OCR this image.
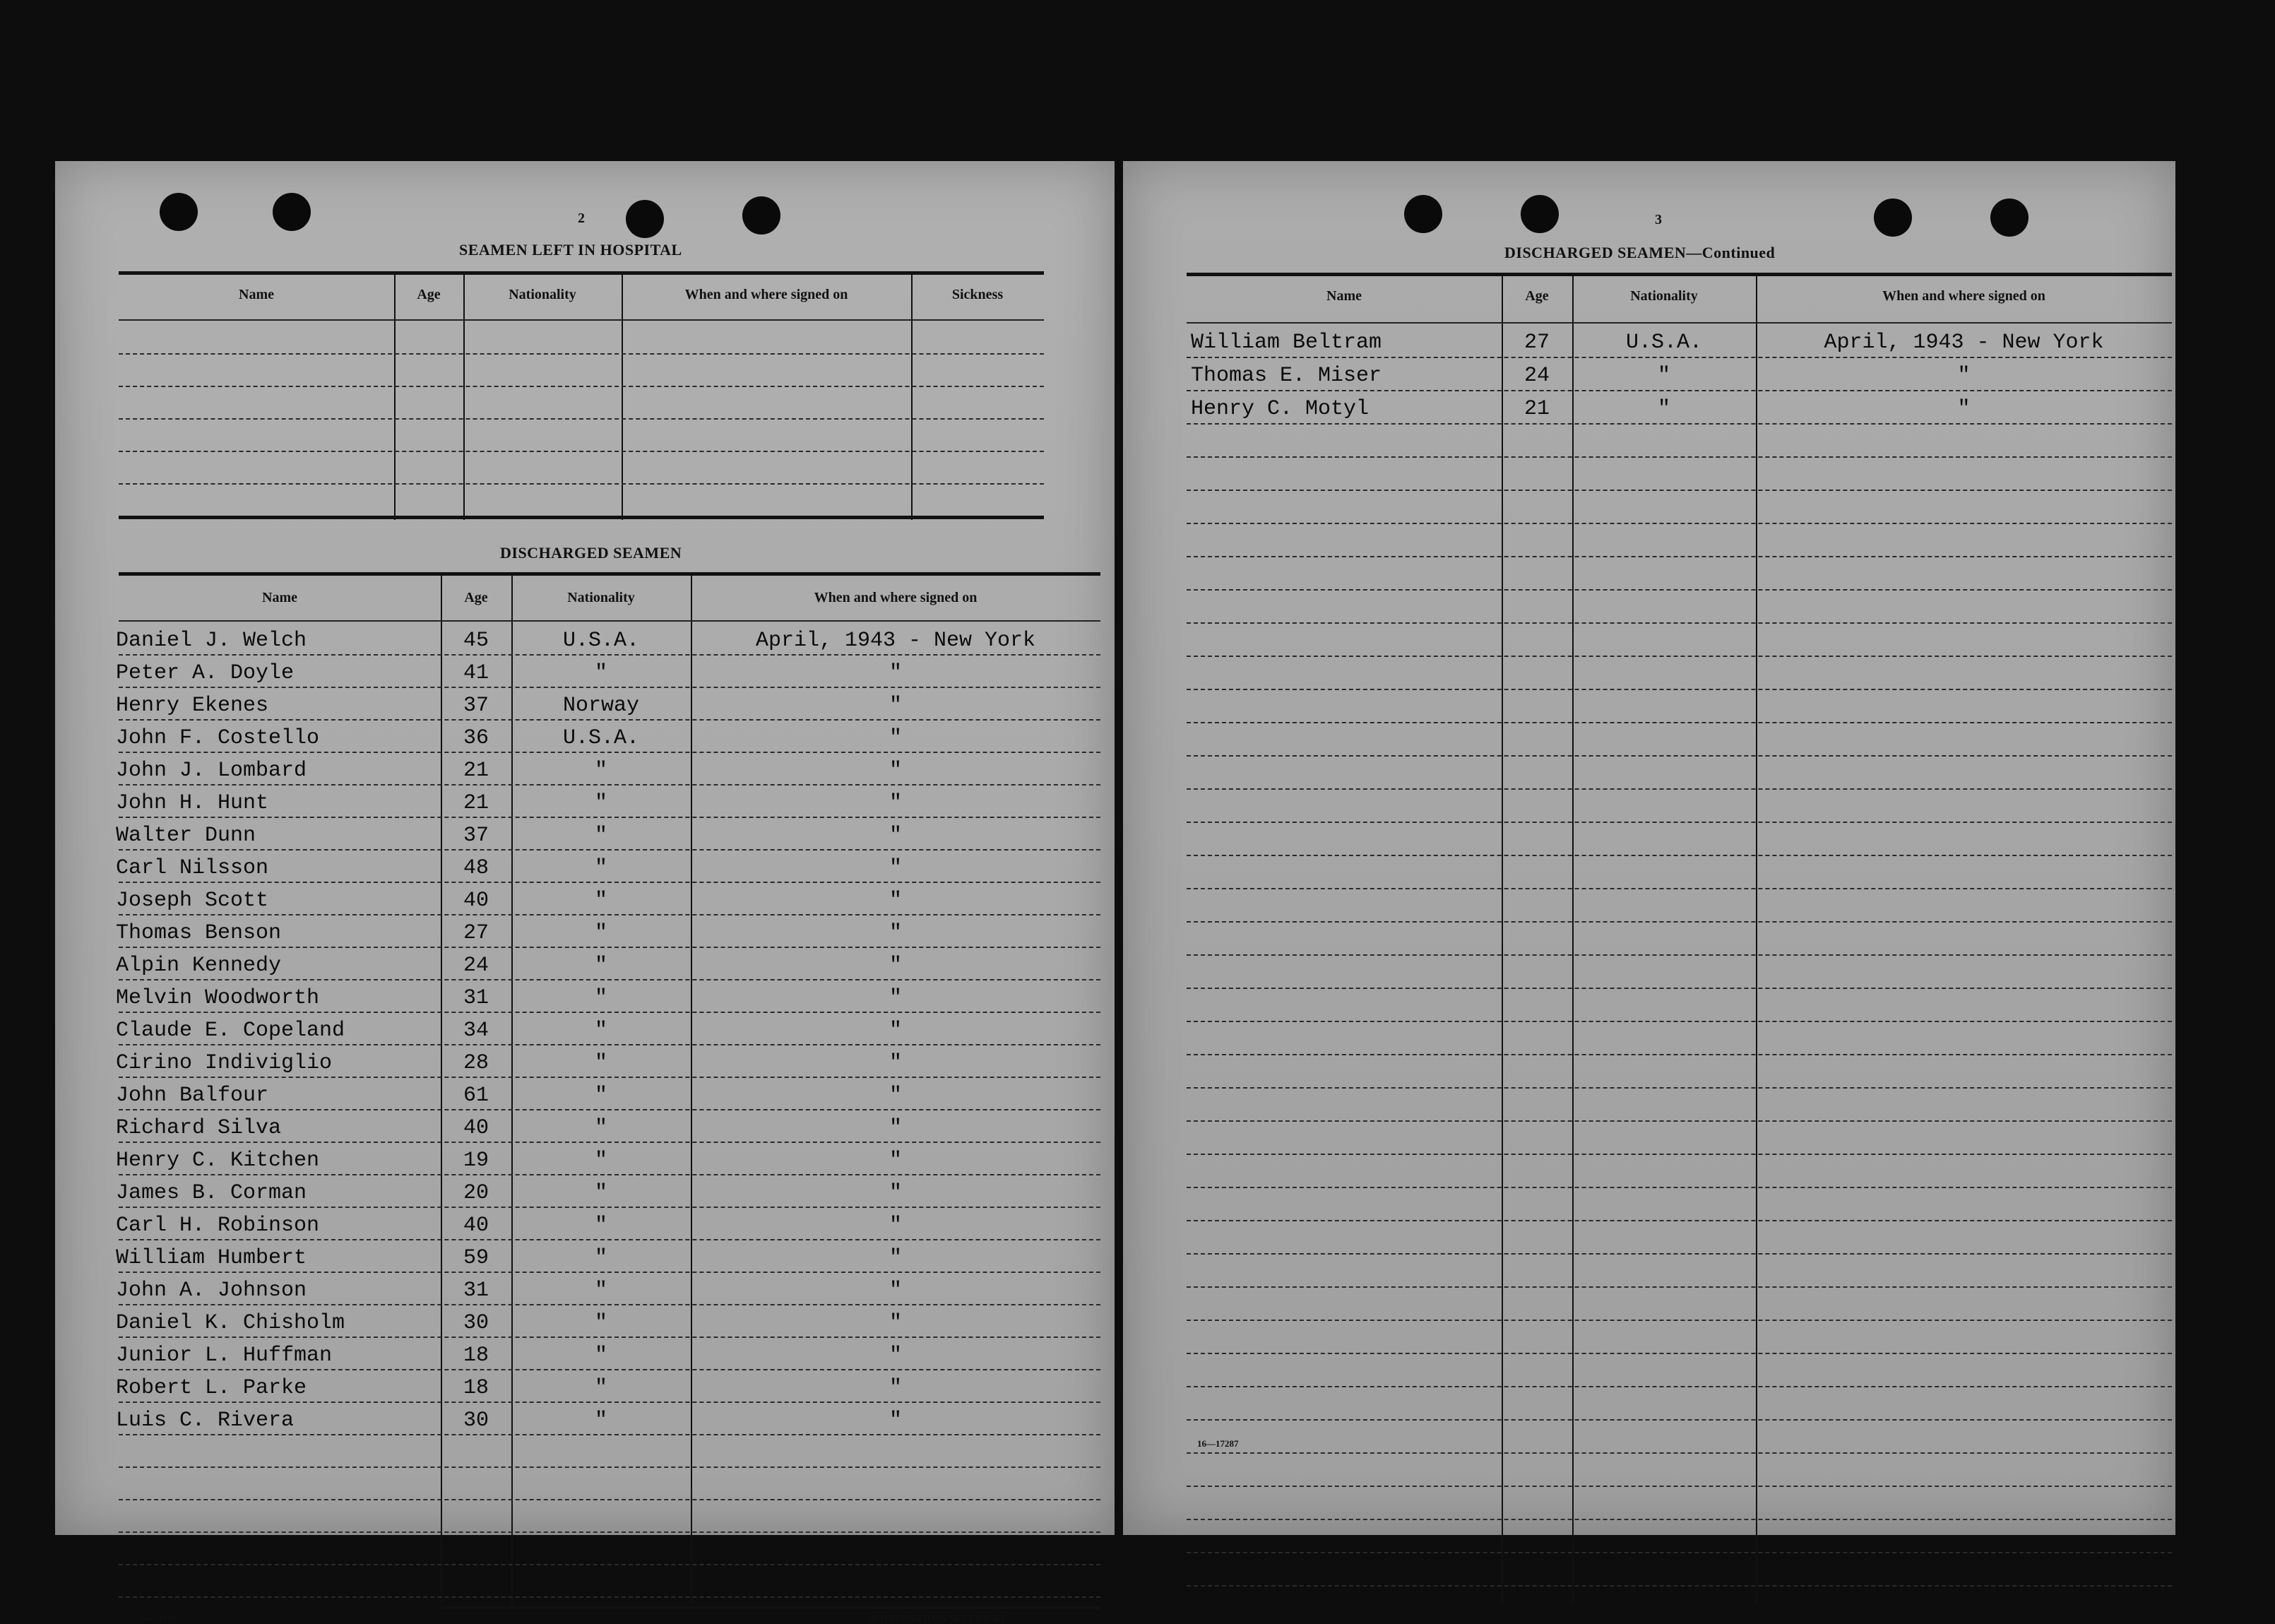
2
SEAMEN LEFT IN HOSPITAL
Name	Age	Nationality	When and where signed on	Sickness
DISCHARGED SEAMEN
Name	Age	Nationality	When and where signed on
Daniel J. Welch	45	U.S.A.	April, 1943 - New York
Peter A. Doyle	41	"	"
Henry Ekenes	37	Norway	"
John F. Costello	36	U.S.A.	"
John J. Lombard	21	"	"
John H. Hunt	21	"	"
Walter Dunn	37	"	"
Carl Nilsson	48	"	"
Joseph Scott	40	"	"
Thomas Benson	27	"	"
Alpin Kennedy	24	"	"
Melvin Woodworth	31	"	"
Claude E. Copeland	34	"	"
Cirino Indiviglio	28	"	"
John Balfour	61	"	"
Richard Silva	40	"	"
Henry C. Kitchen	19	"	"
James B. Corman	20	"	"
Carl H. Robinson	40	"	"
William Humbert	59	"	"
John A. Johnson	31	"	"
Daniel K. Chisholm	30	"	"
Junior L. Huffman	18	"	"
Robert L. Parke	18	"	"
Luis C. Rivera	30	"	"
16—17287	[CONTINUED ON NEXT PAGE]
3
DISCHARGED SEAMEN—Continued
Name	Age	Nationality	When and where signed on
William Beltram	27	U.S.A.	April, 1943 - New York
Thomas E. Miser	24	"	"
Henry C. Motyl	21	"	"
16—17287
